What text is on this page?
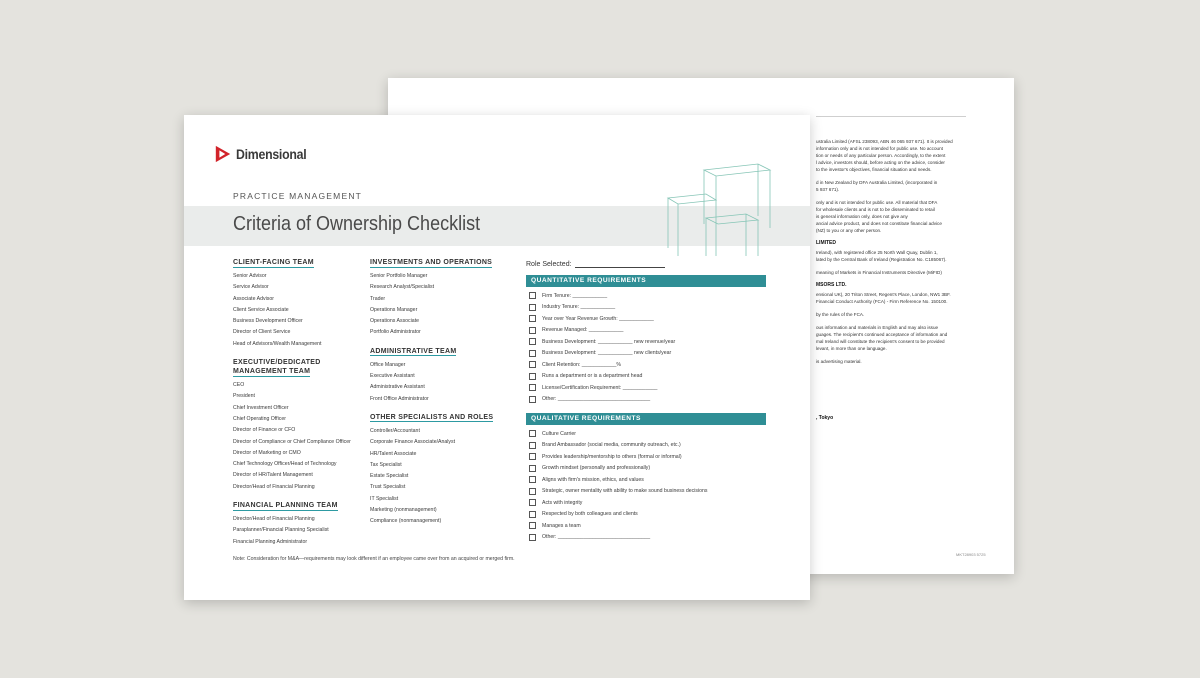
ustralia Limited (AFSL 238093, ABN 46 065 937 671). It is provided

information only and is not intended for public use. No account

tion or needs of any particular person. Accordingly, to the extent

l advice, investors should, before acting on the advice, consider

to the investor's objectives, financial situation and needs.

d in New Zealand by DFA Australia Limited, (incorporated in

5 937 671).

only and is not intended for public use. All material that DFA

for wholesale clients and is not to be disseminated to retail

is general information only, does not give any

ancial advice product, and does not constitute financial advice

(NZ) to you or any other person.

LIMITED

Ireland), with registered office 25 North Wall Quay, Dublin 1,

lated by the Central Bank of Ireland (Registration No. C185067).

meaning of Markets in Financial Instruments Directive (MiFID)

MSORS LTD.

ensional UK), 20 Triton Street, Regent's Place, London, NW1 3BF.

Financial Conduct Authority (FCA) - Firm Reference No. 150100.

by the rules of the FCA.

ous information and materials in English and may also issue

guages. The recipient's continued acceptance of information and

mal Ireland will constitute the recipient's consent to be provided

levant, in more than one language.

is advertising material.

, Tokyo

MKT28903 5725
Dimensional
PRACTICE MANAGEMENT
Criteria of Ownership Checklist
CLIENT-FACING TEAM
Senior Advisor
Service Advisor
Associate Advisor
Client Service Associate
Business Development Officer
Director of Client Service
Head of Advisors/Wealth Management
EXECUTIVE/DEDICATED
MANAGEMENT TEAM
CEO
President
Chief Investment Officer
Chief Operating Officer
Director of Finance or CFO
Director of Compliance or Chief Compliance Officer
Director of Marketing or CMO
Chief Technology Officer/Head of Technology
Director of HR/Talent Management
Director/Head of Financial Planning
FINANCIAL PLANNING TEAM
Director/Head of Financial Planning
Paraplanner/Financial Planning Specialist
Financial Planning Administrator
INVESTMENTS AND OPERATIONS
Senior Portfolio Manager
Research Analyst/Specialist
Trader
Operations Manager
Operations Associate
Portfolio Administrator
ADMINISTRATIVE TEAM
Office Manager
Executive Assistant
Administrative Assistant
Front Office Administrator
OTHER SPECIALISTS AND ROLES
Controller/Accountant
Corporate Finance Associate/Analyst
HR/Talent Associate
Tax Specialist
Estate Specialist
Trust Specialist
IT Specialist
Marketing (nonmanagement)
Compliance (nonmanagement)
Role Selected:
QUANTITATIVE REQUIREMENTS
Firm Tenure: ____________
Industry Tenure: ____________
Year over Year Revenue Growth: ____________
Revenue Managed: ____________
Business Development: ____________ new revenue/year
Business Development: ____________ new clients/year
Client Retention: ____________%
Runs a department or is a department head
License/Certification Requirement: ____________
Other: ________________________________
QUALITATIVE REQUIREMENTS
Culture Carrier
Brand Ambassador (social media, community outreach, etc.)
Provides leadership/mentorship to others (formal or informal)
Growth mindset (personally and professionally)
Aligns with firm's mission, ethics, and values
Strategic, owner mentality with ability to make sound business decisions
Acts with integrity
Respected by both colleagues and clients
Manages a team
Other: ________________________________
Note: Consideration for M&A—requirements may look different if an employee came over from an acquired or merged firm.
